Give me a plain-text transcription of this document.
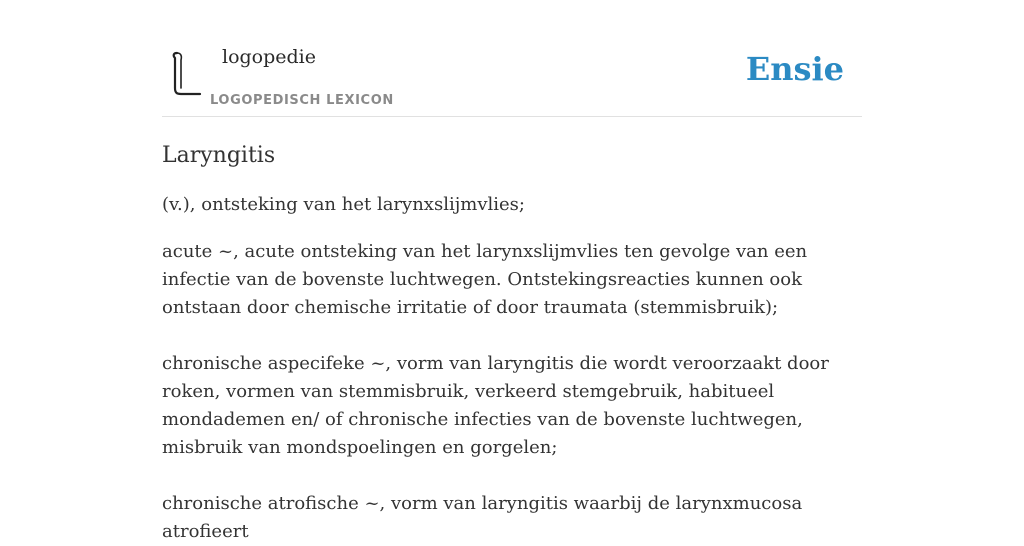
logopedie
LOGOPEDISCH LEXICON
Ensie
Laryngitis

(v.), ontsteking van het larynxslijmvlies;

acute ~, acute ontsteking van het larynxslijmvlies ten gevolge van een infectie van de bovenste luchtwegen. Ontstekingsreacties kunnen ook ontstaan door chemische irritatie of door traumata (stemmisbruik);

chronische aspecifeke ~, vorm van laryngitis die wordt veroorzaakt door roken, vormen van stemmisbruik, verkeerd stemgebruik, habitueel mondademen en/ of chronische infecties van de bovenste luchtwegen, misbruik van mondspoelingen en gorgelen;

chronische atrofische ~, vorm van laryngitis waarbij de larynxmucosa atrofieert
